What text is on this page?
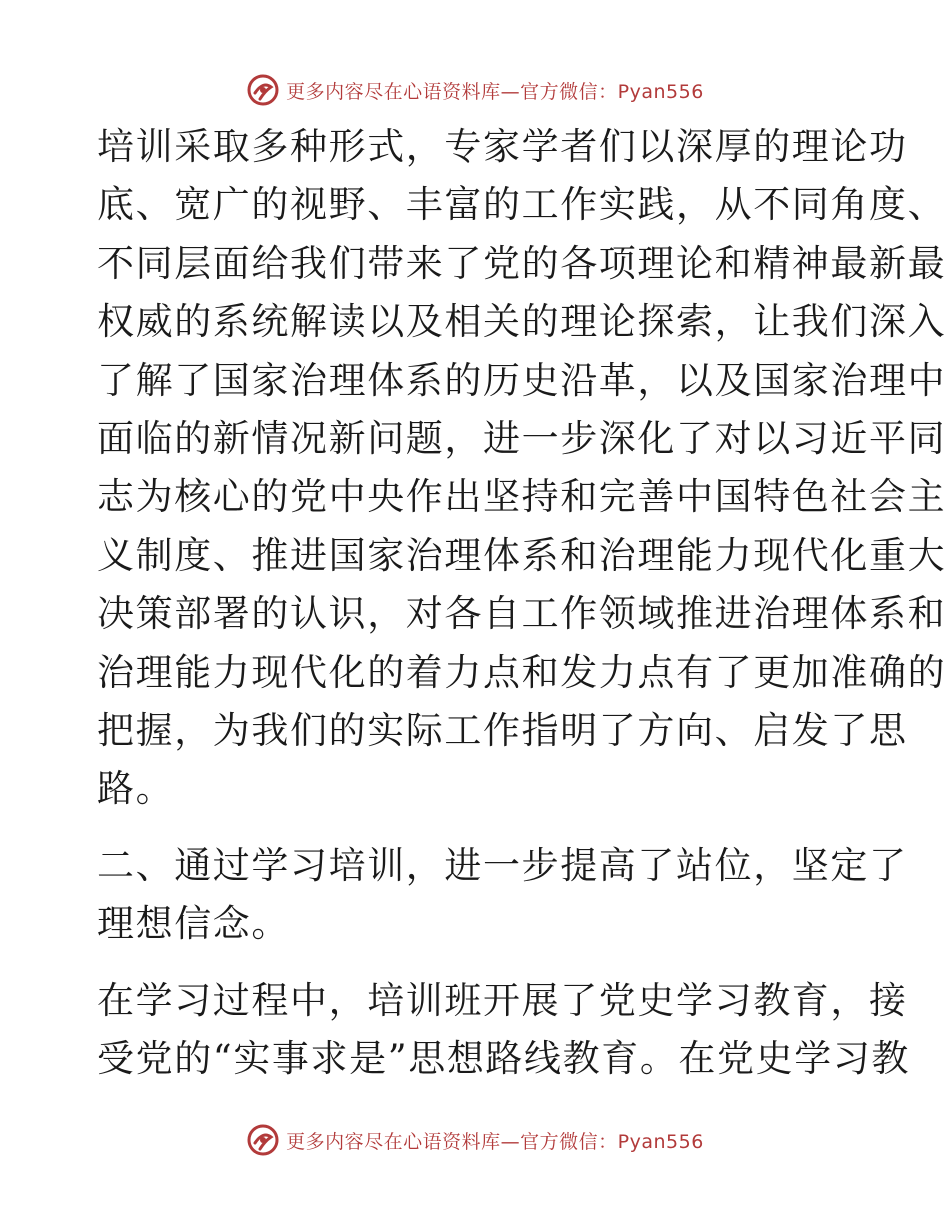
更多内容尽在心语资料库—官方微信：Pyan556

培训采取多种形式，专家学者们以深厚的理论功
底、宽广的视野、丰富的工作实践，从不同角度、
不同层面给我们带来了党的各项理论和精神最新最
权威的系统解读以及相关的理论探索，让我们深入
了解了国家治理体系的历史沿革，以及国家治理中
面临的新情况新问题，进一步深化了对以习近平同
志为核心的党中央作出坚持和完善中国特色社会主
义制度、推进国家治理体系和治理能力现代化重大
决策部署的认识，对各自工作领域推进治理体系和
治理能力现代化的着力点和发力点有了更加准确的
把握，为我们的实际工作指明了方向、启发了思
路。

二、通过学习培训，进一步提高了站位，坚定了
理想信念。

在学习过程中，培训班开展了党史学习教育，接
受党的“实事求是”思想路线教育。在党史学习教

更多内容尽在心语资料库—官方微信：Pyan556
